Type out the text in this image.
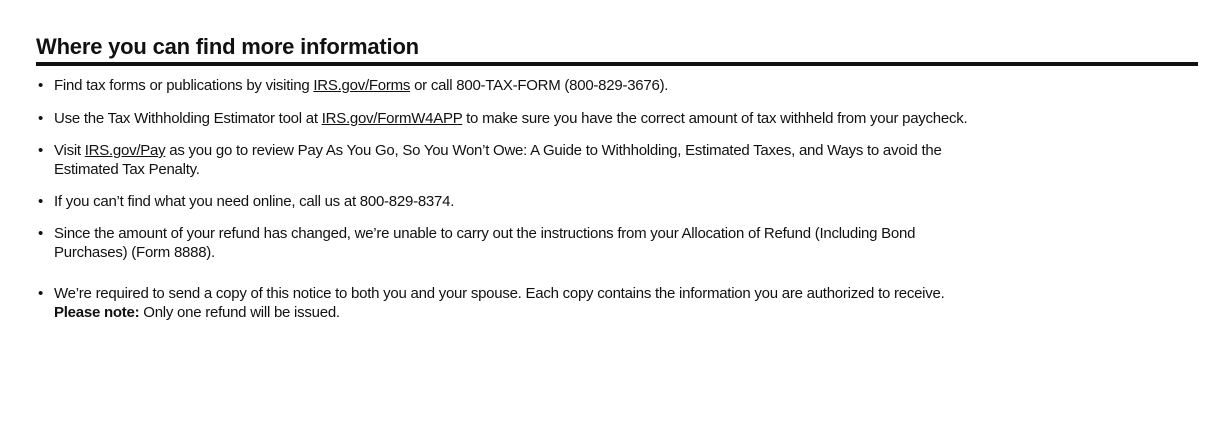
Where you can find more information
• Find tax forms or publications by visiting IRS.gov/Forms or call 800-TAX-FORM (800-829-3676).
• Use the Tax Withholding Estimator tool at IRS.gov/FormW4APP to make sure you have the correct amount of tax withheld from your paycheck.
• Visit IRS.gov/Pay as you go to review Pay As You Go, So You Won’t Owe: A Guide to Withholding, Estimated Taxes, and Ways to avoid the
Estimated Tax Penalty.
• If you can’t find what you need online, call us at 800-829-8374.
• Since the amount of your refund has changed, we’re unable to carry out the instructions from your Allocation of Refund (Including Bond
Purchases) (Form 8888).
• We’re required to send a copy of this notice to both you and your spouse. Each copy contains the information you are authorized to receive.
Please note: Only one refund will be issued.
